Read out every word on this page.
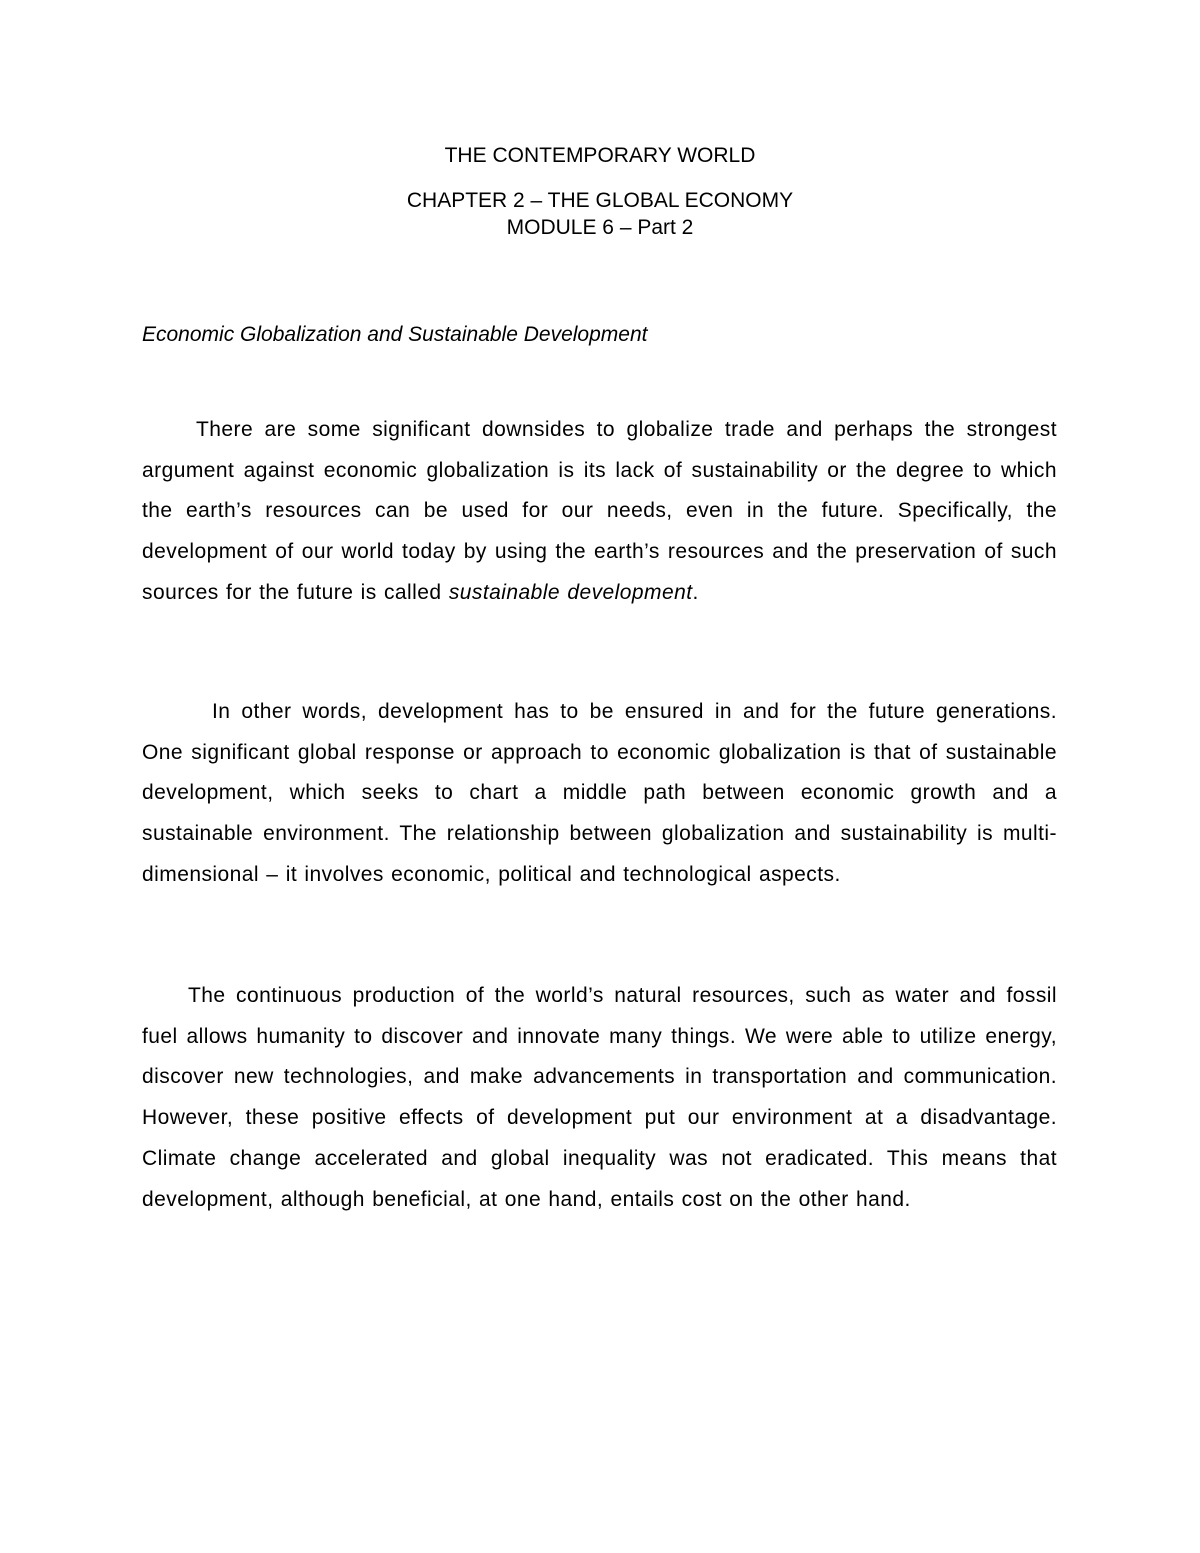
THE CONTEMPORARY WORLD
CHAPTER 2 – THE GLOBAL ECONOMY
MODULE 6 – Part 2
Economic Globalization and Sustainable Development

There are some significant downsides to globalize trade and perhaps the strongest argument against economic globalization is its lack of sustainability or the degree to which the earth’s resources can be used for our needs, even in the future. Specifically, the development of our world today by using the earth’s resources and the preservation of such sources for the future is called sustainable development.

In other words, development has to be ensured in and for the future generations. One significant global response or approach to economic globalization is that of sustainable development, which seeks to chart a middle path between economic growth and a sustainable environment. The relationship between globalization and sustainability is multi-dimensional – it involves economic, political and technological aspects.

The continuous production of the world’s natural resources, such as water and fossil fuel allows humanity to discover and innovate many things. We were able to utilize energy, discover new technologies, and make advancements in transportation and communication. However, these positive effects of development put our environment at a disadvantage. Climate change accelerated and global inequality was not eradicated. This means that development, although beneficial, at one hand, entails cost on the other hand.
